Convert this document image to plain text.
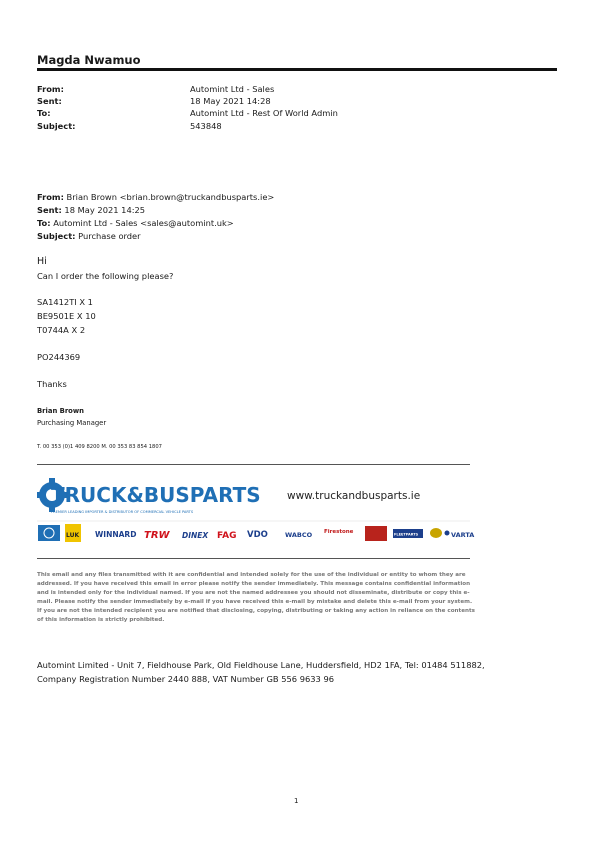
Magda Nwamuo
From:	Automint Ltd - Sales
Sent:	18 May 2021 14:28
To:	Automint Ltd - Rest Of World Admin
Subject:	543848
From: Brian Brown <brian.brown@truckandbusparts.ie>
Sent: 18 May 2021 14:25
To: Automint Ltd - Sales <sales@automint.uk>
Subject: Purchase order
Hi
Can I order the following please?
SA1412TI X 1
BE9501E X 10
T0744A X 2
PO244369
Thanks
Brian Brown
Purchasing Manager
T. 00 353 (0)1 409 8200 M. 00 353 83 854 1807
TRUCK&BUSPARTS
PREMIER LEADING IMPORTER & DISTRIBUTOR OF COMMERCIAL VEHICLE PARTS
www.truckandbusparts.ie
LUK WINNARD TRW DINEX FAG VDO	WABCO Firestone	FLEETPARTS	VARTA
This email and any files transmitted with it are confidential and intended solely for the use of the individual or entity to whom they are addressed. If you have received this email in error please notify the sender immediately. This message contains confidential information and is intended only for the individual named. If you are not the named addressee you should not disseminate, distribute or copy this e-mail. Please notify the sender immediately by e-mail if you have received this e-mail by mistake and delete this e-mail from your system. If you are not the intended recipient you are notified that disclosing, copying, distributing or taking any action in reliance on the contents of this information is strictly prohibited.
Automint Limited - Unit 7, Fieldhouse Park, Old Fieldhouse Lane, Huddersfield, HD2 1FA, Tel: 01484 511882,
Company Registration Number 2440 888, VAT Number GB 556 9633 96
1
